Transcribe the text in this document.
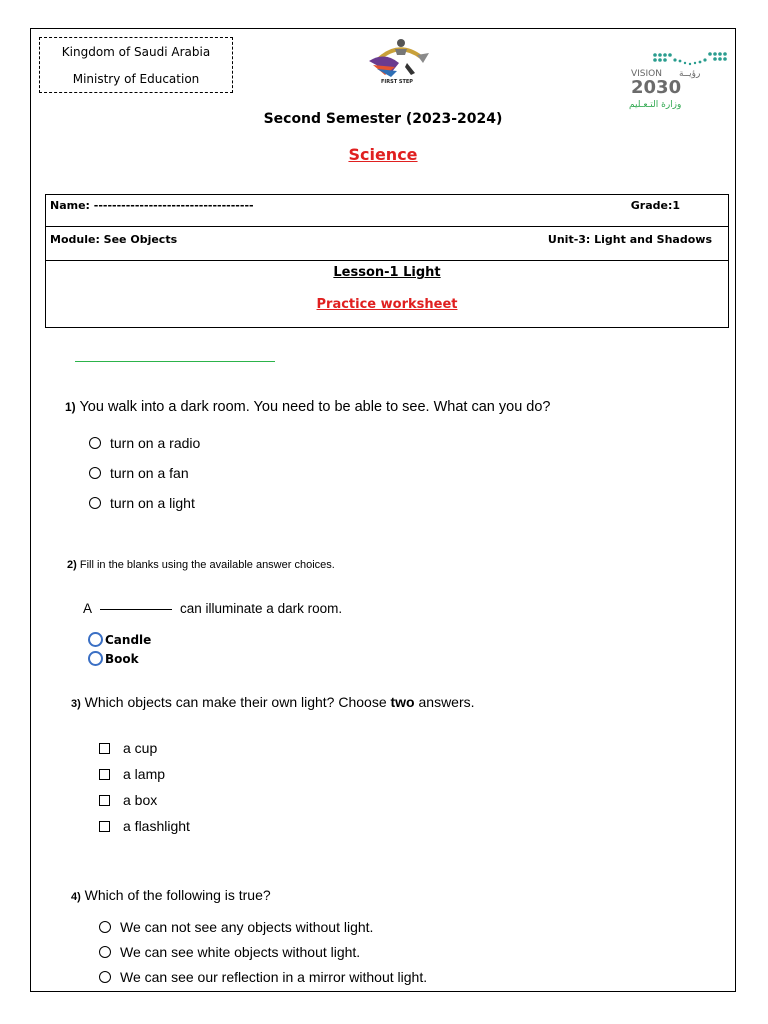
Kingdom of Saudi Arabia
Ministry of Education	FIRST STEP
VISION رؤيــة
2030
وزارة التـعـليم
Second Semester (2023-2024)
Science
Name: -----------------------------------	Grade:1
Module: See Objects	Unit-3: Light and Shadows
Lesson-1 Light
Practice worksheet
1) You walk into a dark room. You need to be able to see. What can you do?
turn on a radio
turn on a fan
turn on a light
2) Fill in the blanks using the available answer choices.
A	can illuminate a dark room.
Candle
Book
3) Which objects can make their own light? Choose two answers.
a cup
a lamp
a box
a flashlight
4) Which of the following is true?
We can not see any objects without light.
We can see white objects without light.
We can see our reflection in a mirror without light.
